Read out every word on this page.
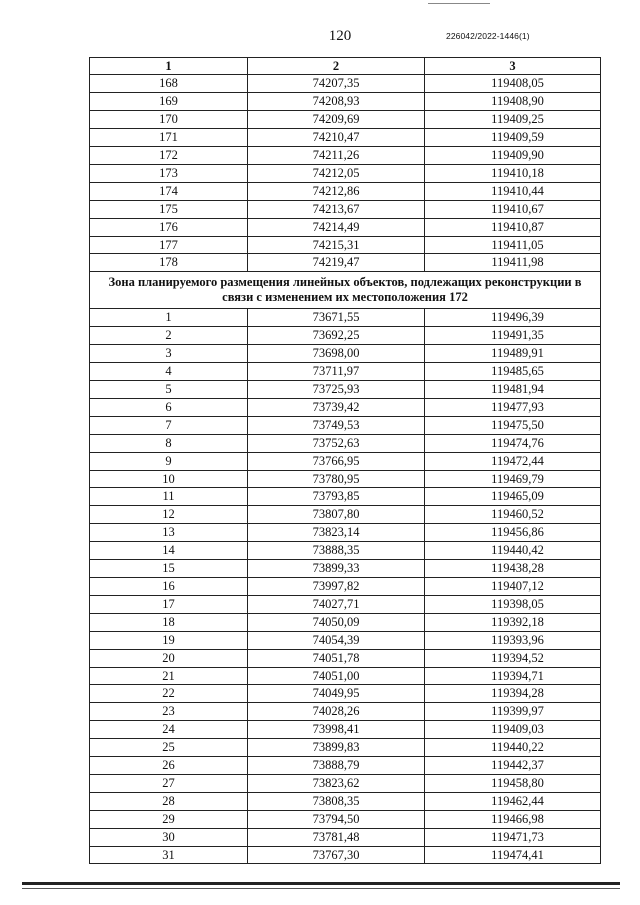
120	226042/2022-1446(1)
1	2	3
168	74207,35	119408,05
169	74208,93	119408,90
170	74209,69	119409,25
171	74210,47	119409,59
172	74211,26	119409,90
173	74212,05	119410,18
174	74212,86	119410,44
175	74213,67	119410,67
176	74214,49	119410,87
177	74215,31	119411,05
178	74219,47	119411,98
Зона планируемого размещения линейных объектов, подлежащих реконструкции в связи с изменением их местоположения 172		
1	73671,55	119496,39
2	73692,25	119491,35
3	73698,00	119489,91
4	73711,97	119485,65
5	73725,93	119481,94
6	73739,42	119477,93
7	73749,53	119475,50
8	73752,63	119474,76
9	73766,95	119472,44
10	73780,95	119469,79
11	73793,85	119465,09
12	73807,80	119460,52
13	73823,14	119456,86
14	73888,35	119440,42
15	73899,33	119438,28
16	73997,82	119407,12
17	74027,71	119398,05
18	74050,09	119392,18
19	74054,39	119393,96
20	74051,78	119394,52
21	74051,00	119394,71
22	74049,95	119394,28
23	74028,26	119399,97
24	73998,41	119409,03
25	73899,83	119440,22
26	73888,79	119442,37
27	73823,62	119458,80
28	73808,35	119462,44
29	73794,50	119466,98
30	73781,48	119471,73
31	73767,30	119474,41
